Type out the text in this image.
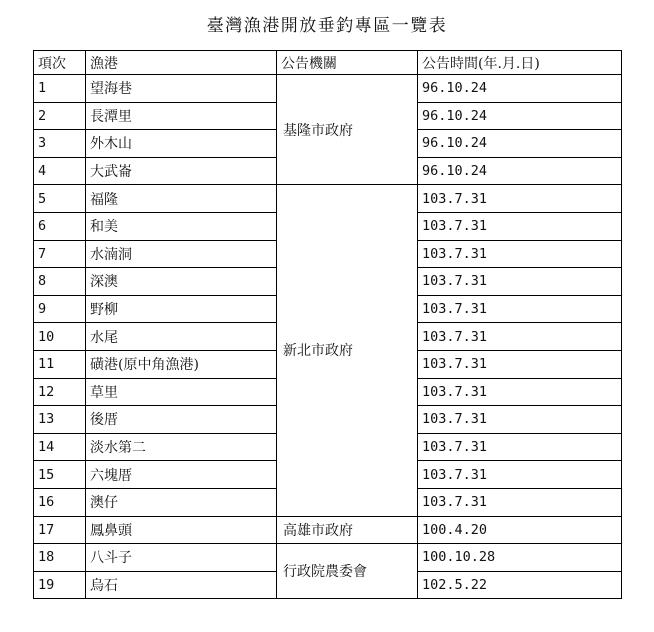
臺灣漁港開放垂釣專區一覽表
項次	漁港	公告機關	公告時間(年.月.日)
1	望海巷	基隆市政府	96.10.24
2	長潭里		96.10.24
3	外木山		96.10.24
4	大武崙		96.10.24
5	福隆	新北市政府	103.7.31
6	和美		103.7.31
7	水湳洞		103.7.31
8	深澳		103.7.31
9	野柳		103.7.31
10	水尾		103.7.31
11	磺港(原中角漁港)		103.7.31
12	草里		103.7.31
13	後厝		103.7.31
14	淡水第二		103.7.31
15	六塊厝		103.7.31
16	澳仔		103.7.31
17	鳳鼻頭	高雄市政府	100.4.20
18	八斗子	行政院農委會	100.10.28
19	烏石		102.5.22
